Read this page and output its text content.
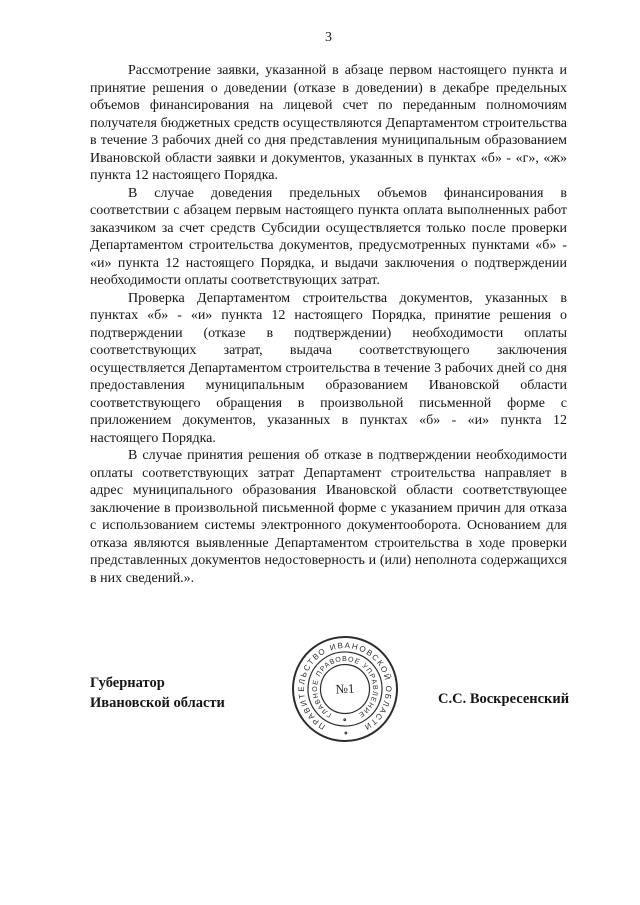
3

Рассмотрение заявки, указанной в абзаце первом настоящего пункта и принятие решения о доведении (отказе в доведении) в декабре предельных объемов финансирования на лицевой счет по переданным полномочиям получателя бюджетных средств осуществляются Департаментом строительства в течение 3 рабочих дней со дня представления муниципальным образованием Ивановской области заявки и документов, указанных в пунктах «б» - «г», «ж» пункта 12 настоящего Порядка.

В случае доведения предельных объемов финансирования в соответствии с абзацем первым настоящего пункта оплата выполненных работ заказчиком за счет средств Субсидии осуществляется только после проверки Департаментом строительства документов, предусмотренных пунктами «б» - «и» пункта 12 настоящего Порядка, и выдачи заключения о подтверждении необходимости оплаты соответствующих затрат.

Проверка Департаментом строительства документов, указанных в пунктах «б» - «и» пункта 12 настоящего Порядка, принятие решения о подтверждении (отказе в подтверждении) необходимости оплаты соответствующих затрат, выдача соответствующего заключения осуществляется Департаментом строительства в течение 3 рабочих дней со дня предоставления муниципальным образованием Ивановской области соответствующего обращения в произвольной письменной форме с приложением документов, указанных в пунктах «б» - «и» пункта 12 настоящего Порядка.

В случае принятия решения об отказе в подтверждении необходимости оплаты соответствующих затрат Департамент строительства направляет в адрес муниципального образования Ивановской области соответствующее заключение в произвольной письменной форме с указанием причин для отказа с использованием системы электронного документооборота. Основанием для отказа являются выявленные Департаментом строительства в ходе проверки представленных документов недостоверность и (или) неполнота содержащихся в них сведений.».

Губернатор
Ивановской области
ПРАВИТЕЛЬСТВО ИВАНОВСКОЙ ОБЛАСТИ
ГЛАВНОЕ ПРАВОВОЕ УПРАВЛЕНИЕ
№1
С.С. Воскресенский
